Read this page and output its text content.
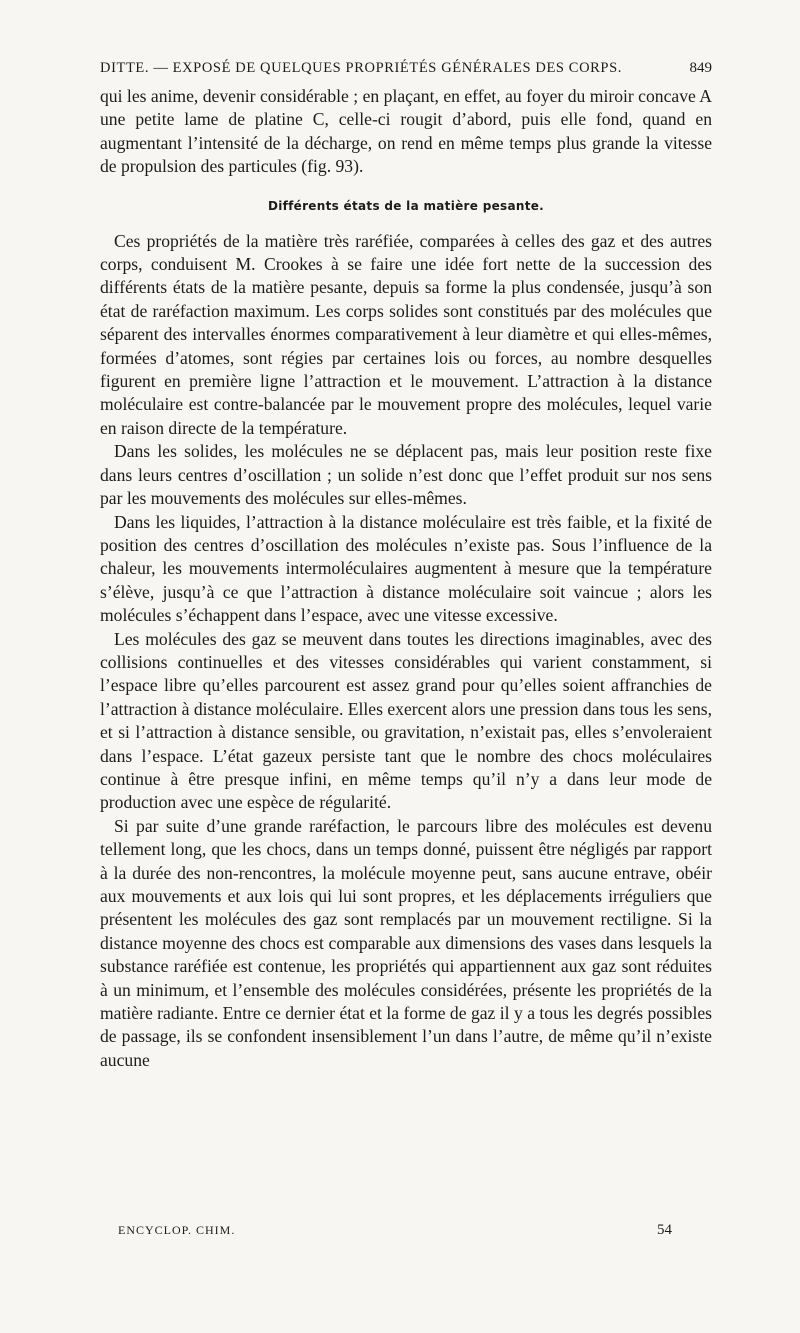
DITTE. — EXPOSÉ DE QUELQUES PROPRIÉTÉS GÉNÉRALES DES CORPS.	849

qui les anime, devenir considérable ; en plaçant, en effet, au foyer du miroir concave A une petite lame de platine C, celle-ci rougit d’abord, puis elle fond, quand en augmentant l’intensité de la décharge, on rend en même temps plus grande la vitesse de propulsion des particules (fig. 93).

Différents états de la matière pesante.

Ces propriétés de la matière très raréfiée, comparées à celles des gaz et des autres corps, conduisent M. Crookes à se faire une idée fort nette de la succession des différents états de la matière pesante, depuis sa forme la plus condensée, jusqu’à son état de raréfaction maximum. Les corps solides sont constitués par des molécules que séparent des intervalles énormes comparativement à leur diamètre et qui elles-mêmes, formées d’atomes, sont régies par certaines lois ou forces, au nombre desquelles figurent en première ligne l’attraction et le mouvement. L’attraction à la distance moléculaire est contre-balancée par le mouvement propre des molécules, lequel varie en raison directe de la température.

Dans les solides, les molécules ne se déplacent pas, mais leur position reste fixe dans leurs centres d’oscillation ; un solide n’est donc que l’effet produit sur nos sens par les mouvements des molécules sur elles-mêmes.

Dans les liquides, l’attraction à la distance moléculaire est très faible, et la fixité de position des centres d’oscillation des molécules n’existe pas. Sous l’influence de la chaleur, les mouvements intermoléculaires augmentent à mesure que la température s’élève, jusqu’à ce que l’attraction à distance moléculaire soit vaincue ; alors les molécules s’échappent dans l’espace, avec une vitesse excessive.

Les molécules des gaz se meuvent dans toutes les directions imaginables, avec des collisions continuelles et des vitesses considérables qui varient constamment, si l’espace libre qu’elles parcourent est assez grand pour qu’elles soient affranchies de l’attraction à distance moléculaire. Elles exercent alors une pression dans tous les sens, et si l’attraction à distance sensible, ou gravitation, n’existait pas, elles s’envoleraient dans l’espace. L’état gazeux persiste tant que le nombre des chocs moléculaires continue à être presque infini, en même temps qu’il n’y a dans leur mode de production avec une espèce de régularité.

Si par suite d’une grande raréfaction, le parcours libre des molécules est devenu tellement long, que les chocs, dans un temps donné, puissent être négligés par rapport à la durée des non-rencontres, la molécule moyenne peut, sans aucune entrave, obéir aux mouvements et aux lois qui lui sont propres, et les déplacements irréguliers que présentent les molécules des gaz sont remplacés par un mouvement rectiligne. Si la distance moyenne des chocs est comparable aux dimensions des vases dans lesquels la substance raréfiée est contenue, les propriétés qui appartiennent aux gaz sont réduites à un minimum, et l’ensemble des molécules considérées, présente les propriétés de la matière radiante. Entre ce dernier état et la forme de gaz il y a tous les degrés possibles de passage, ils se confondent insensiblement l’un dans l’autre, de même qu’il n’existe aucune

ENCYCLOP. CHIM.	54
